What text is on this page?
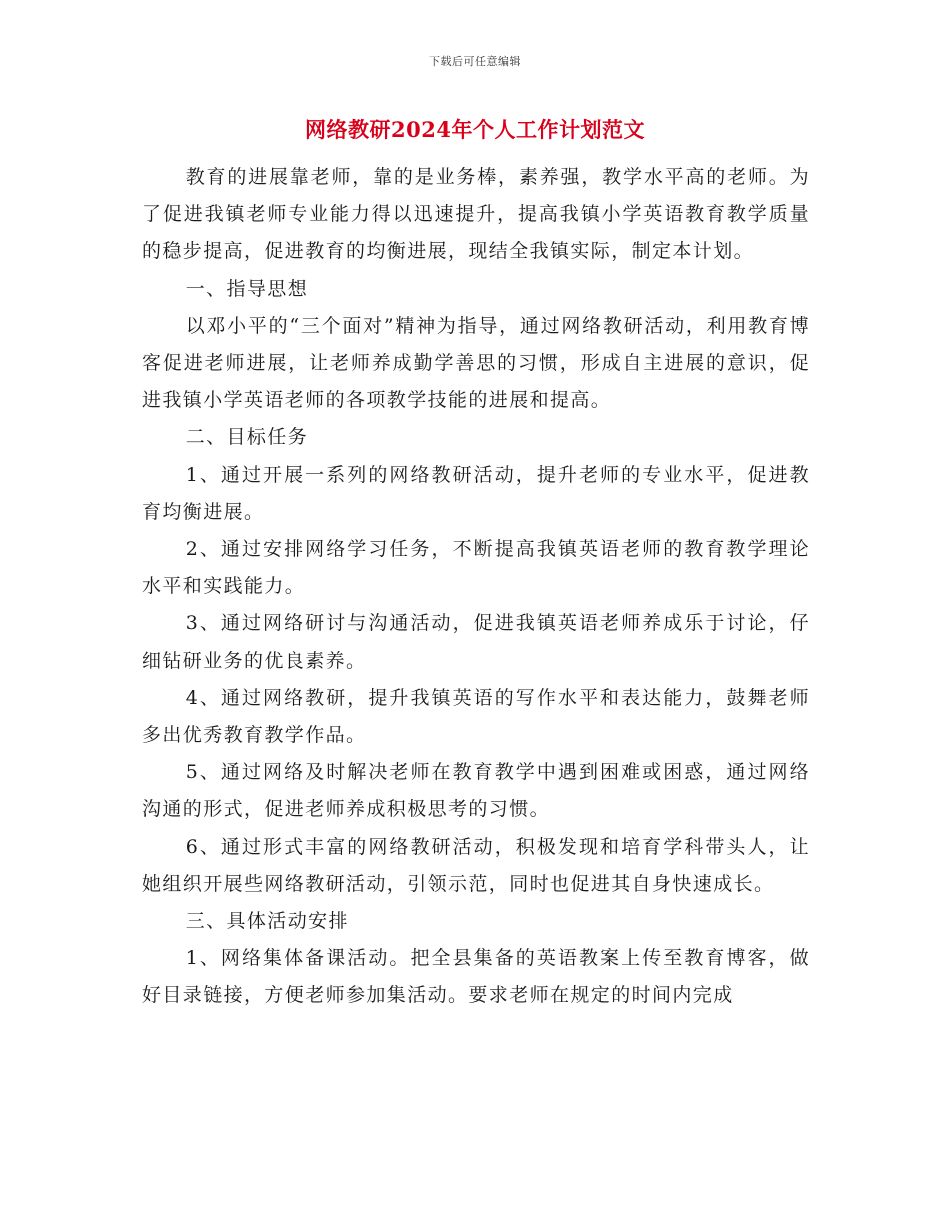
下载后可任意编辑
网络教研2024年个人工作计划范文

教育的进展靠老师，靠的是业务棒，素养强，教学水平高的老师。为了促进我镇老师专业能力得以迅速提升，提高我镇小学英语教育教学质量的稳步提高，促进教育的均衡进展，现结全我镇实际，制定本计划。

一、指导思想

以邓小平的“三个面对”精神为指导，通过网络教研活动，利用教育博客促进老师进展，让老师养成勤学善思的习惯，形成自主进展的意识，促进我镇小学英语老师的各项教学技能的进展和提高。

二、目标任务

1、通过开展一系列的网络教研活动，提升老师的专业水平，促进教育均衡进展。

2、通过安排网络学习任务，不断提高我镇英语老师的教育教学理论水平和实践能力。

3、通过网络研讨与沟通活动，促进我镇英语老师养成乐于讨论，仔细钻研业务的优良素养。

4、通过网络教研，提升我镇英语的写作水平和表达能力，鼓舞老师多出优秀教育教学作品。

5、通过网络及时解决老师在教育教学中遇到困难或困惑，通过网络沟通的形式，促进老师养成积极思考的习惯。

6、通过形式丰富的网络教研活动，积极发现和培育学科带头人，让她组织开展些网络教研活动，引领示范，同时也促进其自身快速成长。

三、具体活动安排

1、网络集体备课活动。把全县集备的英语教案上传至教育博客，做好目录链接，方便老师参加集活动。要求老师在规定的时间内完成
